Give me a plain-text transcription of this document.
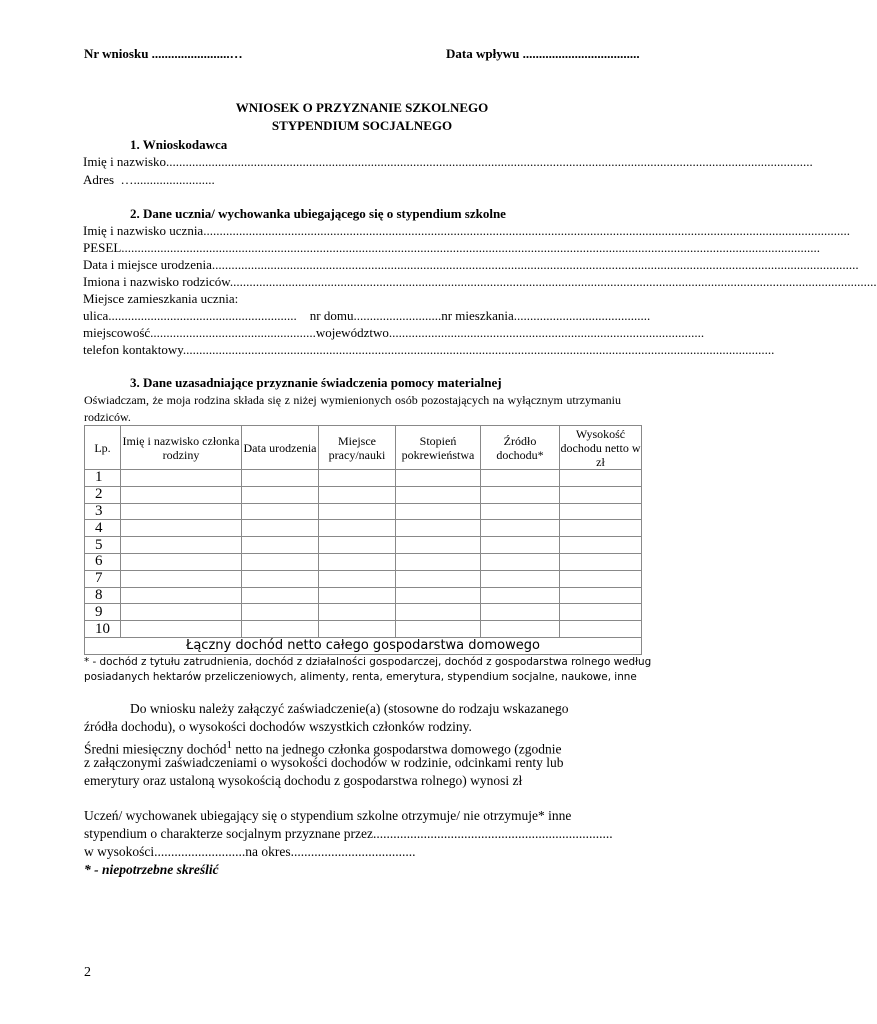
Nr wniosku ........................…	Data wpływu ....................................
WNIOSEK O PRZYZNANIE SZKOLNEGO
STYPENDIUM SOCJALNEGO
1. Wnioskodawca
Imię i nazwisko.......................................................................................................................................................................................................
Adres ….........................
2. Dane ucznia/ wychowanka ubiegającego się o stypendium szkolne
Imię i nazwisko ucznia.......................................................................................................................................................................................................
PESEL.......................................................................................................................................................................................................................
Data i miejsce urodzenia.......................................................................................................................................................................................................
Imiona i nazwisko rodziców.......................................................................................................................................................................................................
Miejsce zamieszkania ucznia:
ulica.......................................................... nr domu...........................nr mieszkania..........................................
miejscowość...................................................województwo.................................................................................................
telefon kontaktowy......................................................................................................................................................................................
3. Dane uzasadniające przyznanie świadczenia pomocy materialnej
Oświadczam, że moja rodzina składa się z niżej wymienionych osób pozostających na wyłącznym utrzymaniu
rodziców.
Lp.	Imię i nazwisko członka rodziny	Data urodzenia	Miejsce pracy/nauki	Stopień pokrewieństwa	Źródło dochodu*	Wysokość dochodu netto w zł
1						
2						
3						
4						
5						
6						
7						
8						
9						
10						
Łączny dochód netto całego gospodarstwa domowego						
* - dochód z tytułu zatrudnienia, dochód z działalności gospodarczej, dochód z gospodarstwa rolnego według
posiadanych hektarów przeliczeniowych, alimenty, renta, emerytura, stypendium socjalne, naukowe, inne
Do wniosku należy załączyć zaświadczenie(a) (stosowne do rodzaju wskazanego
źródła dochodu), o wysokości dochodów wszystkich członków rodziny.
Średni miesięczny dochód$^1$ netto na jednego członka gospodarstwa domowego (zgodnie
z załączonymi zaświadczeniami o wysokości dochodów w rodzinie, odcinkami renty lub
emerytury oraz ustaloną wysokością dochodu z gospodarstwa rolnego) wynosi zł
Uczeń/ wychowanek ubiegający się o stypendium szkolne otrzymuje/ nie otrzymuje* inne
stypendium o charakterze socjalnym przyznane przez.......................................................................
w wysokości...........................na okres.....................................
* - niepotrzebne skreślić
2
